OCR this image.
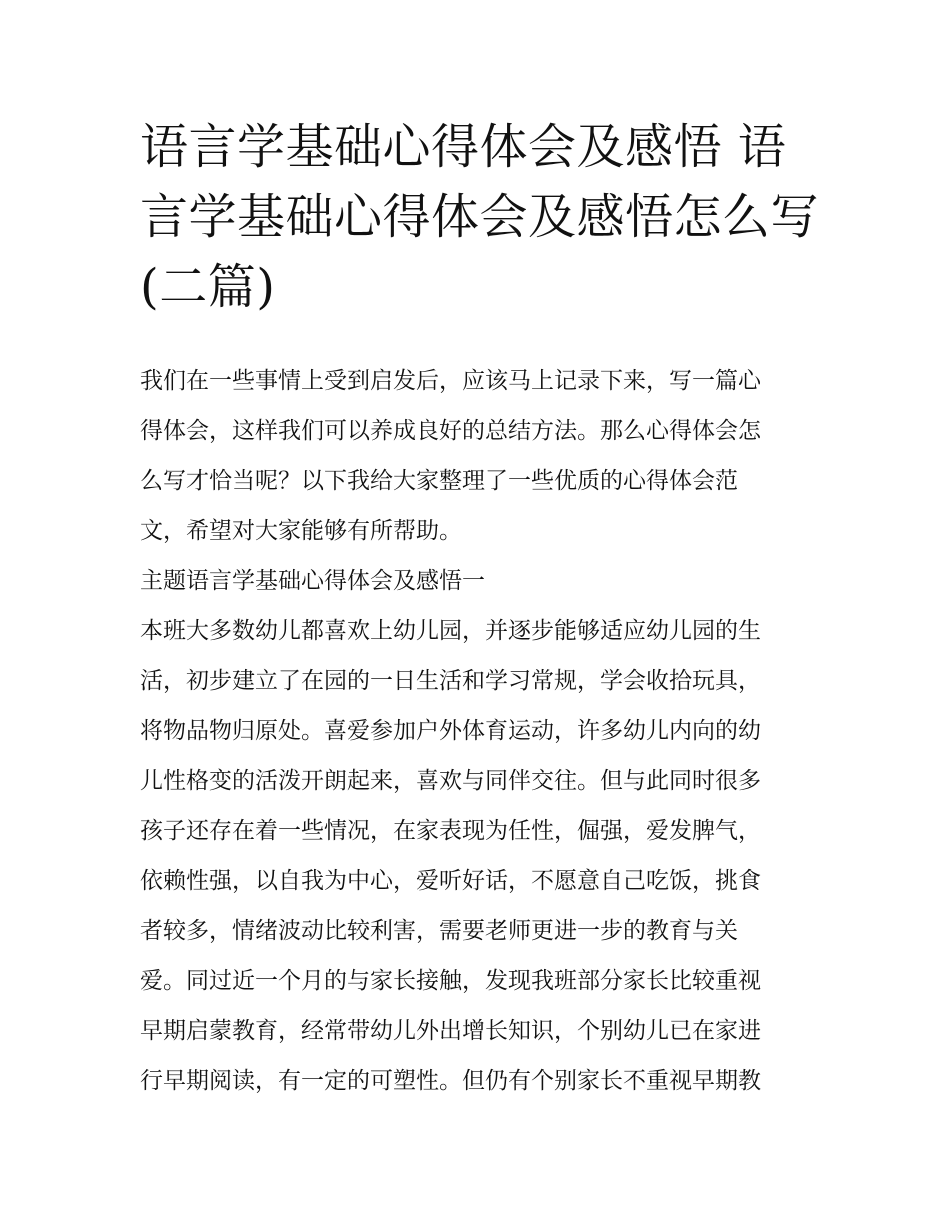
语言学基础心得体会及感悟 语言学基础心得体会及感悟怎么写(二篇)
我们在一些事情上受到启发后，应该马上记录下来，写一篇心
得体会，这样我们可以养成良好的总结方法。那么心得体会怎
么写才恰当呢？以下我给大家整理了一些优质的心得体会范
文，希望对大家能够有所帮助。
主题语言学基础心得体会及感悟一
本班大多数幼儿都喜欢上幼儿园，并逐步能够适应幼儿园的生
活，初步建立了在园的一日生活和学习常规，学会收拾玩具，
将物品物归原处。喜爱参加户外体育运动，许多幼儿内向的幼
儿性格变的活泼开朗起来，喜欢与同伴交往。但与此同时很多
孩子还存在着一些情况，在家表现为任性，倔强，爱发脾气，
依赖性强，以自我为中心，爱听好话，不愿意自己吃饭，挑食
者较多，情绪波动比较利害，需要老师更进一步的教育与关
爱。同过近一个月的与家长接触，发现我班部分家长比较重视
早期启蒙教育，经常带幼儿外出增长知识，个别幼儿已在家进
行早期阅读，有一定的可塑性。但仍有个别家长不重视早期教
